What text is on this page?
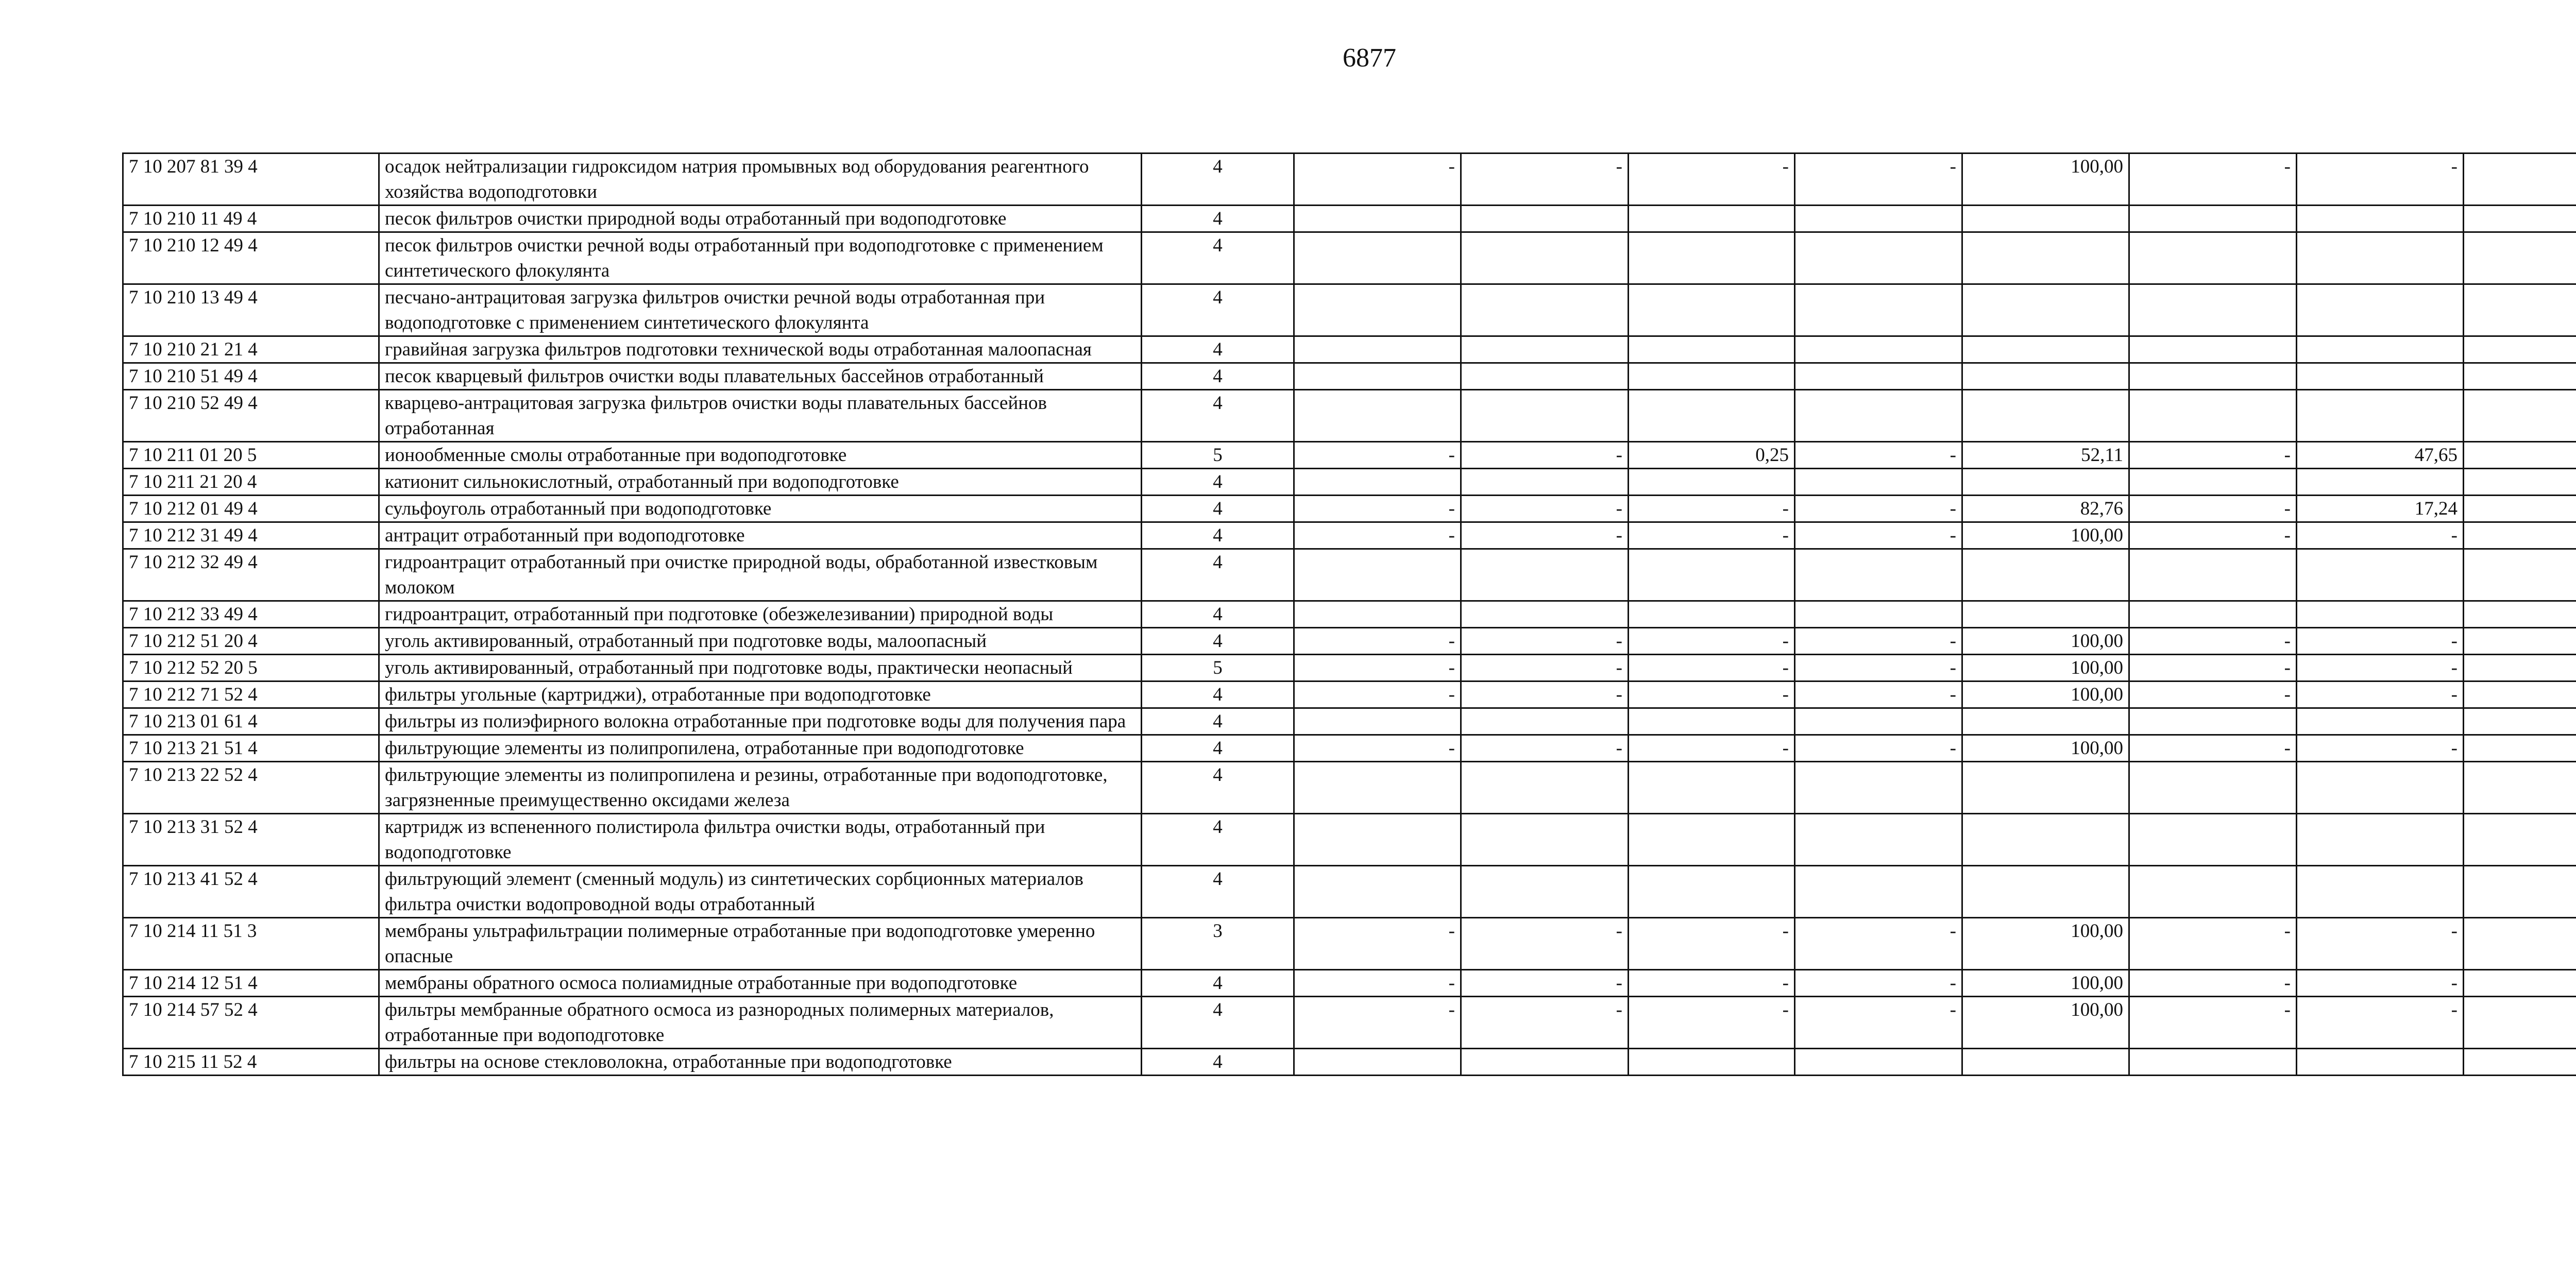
6877
7 10 207 81 39 4	осадок нейтрализации гидроксидом натрия промывных вод оборудования реагентного хозяйства водоподготовки	4	-	-	-	-	100,00	-	-	
7 10 210 11 49 4	песок фильтров очистки природной воды отработанный при водоподготовке	4								
7 10 210 12 49 4	песок фильтров очистки речной воды отработанный при водоподготовке с применением синтетического флокулянта	4								
7 10 210 13 49 4	песчано-антрацитовая загрузка фильтров очистки речной воды отработанная при водоподготовке с применением синтетического флокулянта	4								
7 10 210 21 21 4	гравийная загрузка фильтров подготовки технической воды отработанная малоопасная	4								
7 10 210 51 49 4	песок кварцевый фильтров очистки воды плавательных бассейнов отработанный	4								
7 10 210 52 49 4	кварцево-антрацитовая загрузка фильтров очистки воды плавательных бассейнов отработанная	4								
7 10 211 01 20 5	ионообменные смолы отработанные при водоподготовке	5	-	-	0,25	-	52,11	-	47,65	
7 10 211 21 20 4	катионит сильнокислотный, отработанный при водоподготовке	4								
7 10 212 01 49 4	сульфоуголь отработанный при водоподготовке	4	-	-	-	-	82,76	-	17,24	
7 10 212 31 49 4	антрацит отработанный при водоподготовке	4	-	-	-	-	100,00	-	-	
7 10 212 32 49 4	гидроантрацит отработанный при очистке природной воды, обработанной известковым молоком	4								
7 10 212 33 49 4	гидроантрацит, отработанный при подготовке (обезжелезивании) природной воды	4								
7 10 212 51 20 4	уголь активированный, отработанный при подготовке воды, малоопасный	4	-	-	-	-	100,00	-	-	
7 10 212 52 20 5	уголь активированный, отработанный при подготовке воды, практически неопасный	5	-	-	-	-	100,00	-	-	
7 10 212 71 52 4	фильтры угольные (картриджи), отработанные при водоподготовке	4	-	-	-	-	100,00	-	-	
7 10 213 01 61 4	фильтры из полиэфирного волокна отработанные при подготовке воды для получения пара	4								
7 10 213 21 51 4	фильтрующие элементы из полипропилена, отработанные при водоподготовке	4	-	-	-	-	100,00	-	-	
7 10 213 22 52 4	фильтрующие элементы из полипропилена и резины, отработанные при водоподготовке, загрязненные преимущественно оксидами железа	4								
7 10 213 31 52 4	картридж из вспененного полистирола фильтра очистки воды, отработанный при водоподготовке	4								
7 10 213 41 52 4	фильтрующий элемент (сменный модуль) из синтетических сорбционных материалов фильтра очистки водопроводной воды отработанный	4								
7 10 214 11 51 3	мембраны ультрафильтрации полимерные отработанные при водоподготовке умеренно опасные	3	-	-	-	-	100,00	-	-	
7 10 214 12 51 4	мембраны обратного осмоса полиамидные отработанные при водоподготовке	4	-	-	-	-	100,00	-	-	
7 10 214 57 52 4	фильтры мембранные обратного осмоса из разнородных полимерных материалов, отработанные при водоподготовке	4	-	-	-	-	100,00	-	-	
7 10 215 11 52 4	фильтры на основе стекловолокна, отработанные при водоподготовке	4								
